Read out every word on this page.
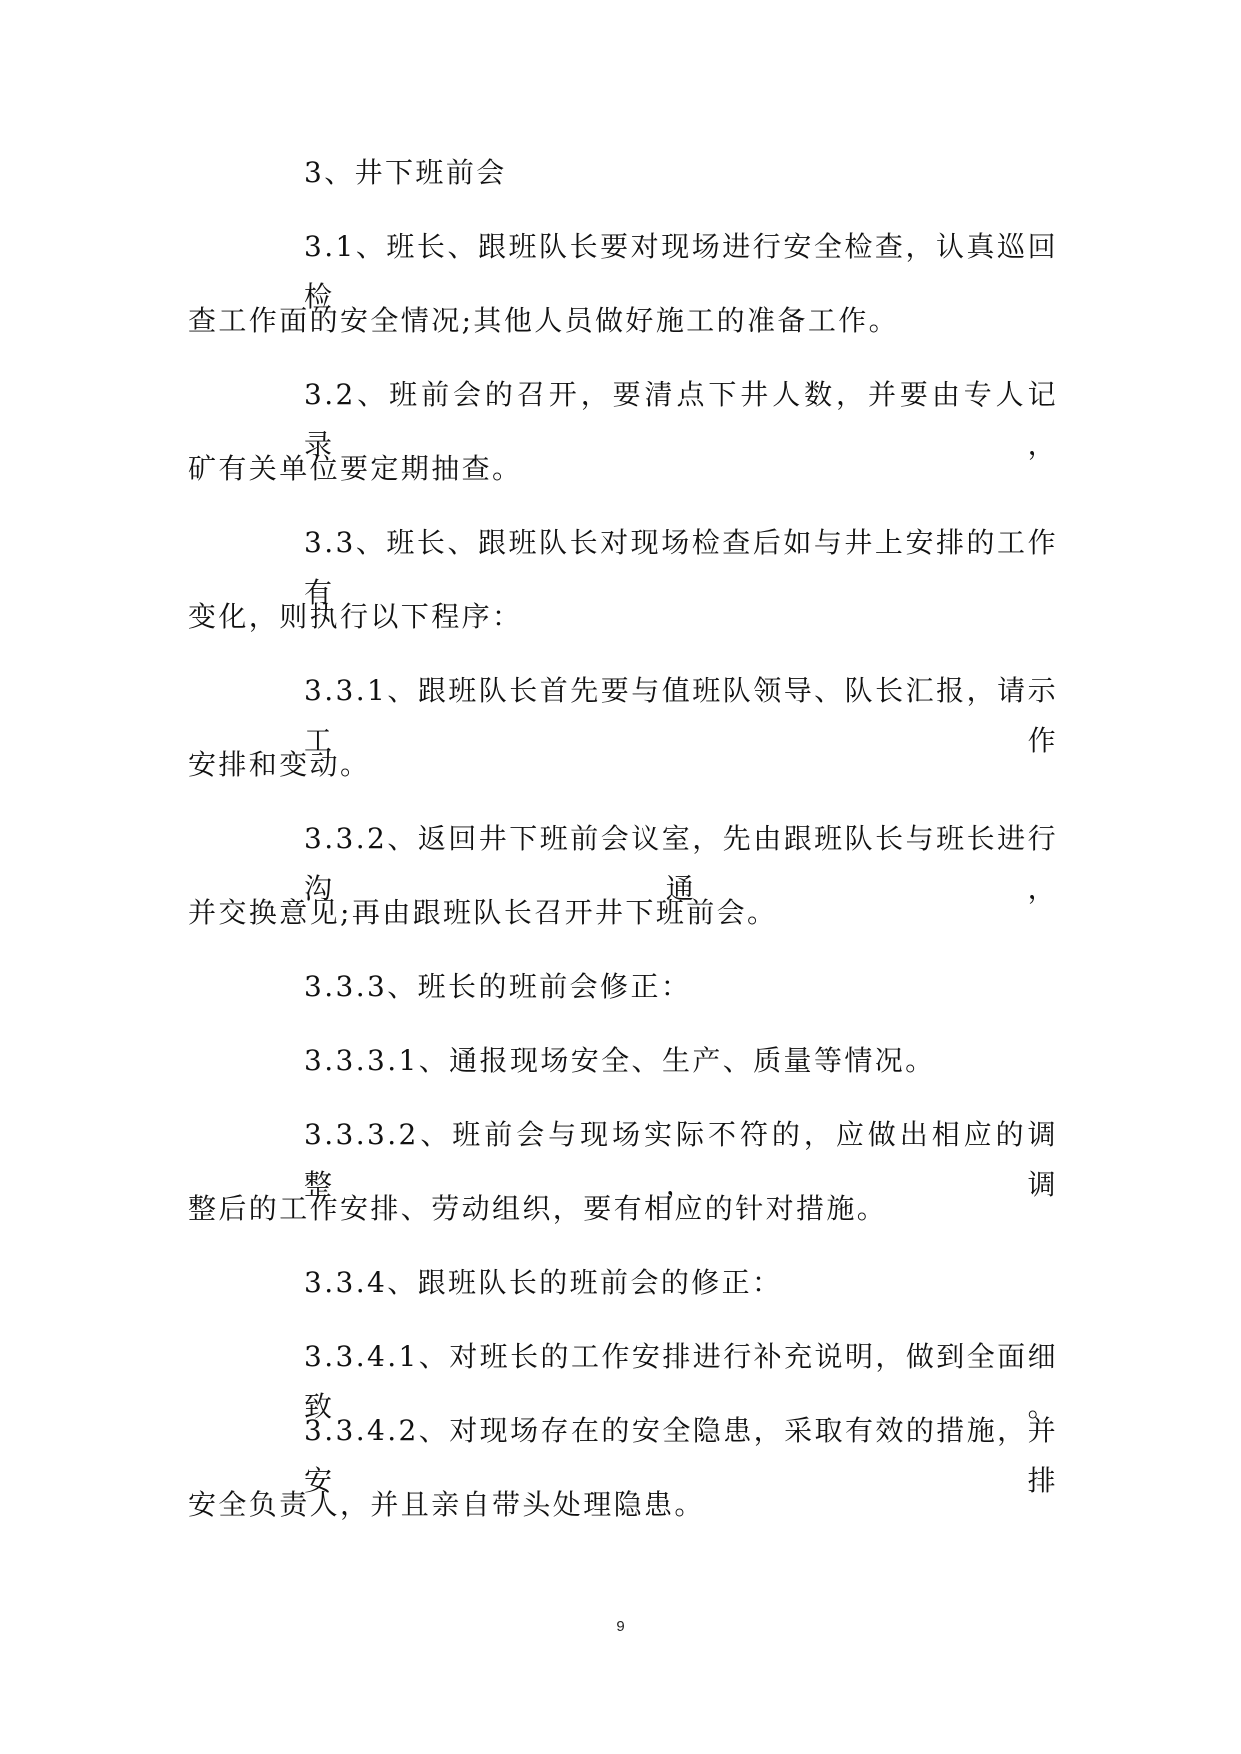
3、井下班前会
3.1、班长、跟班队长要对现场进行安全检查，认真巡回检
查工作面的安全情况;其他人员做好施工的准备工作。
3.2、班前会的召开，要清点下井人数，并要由专人记录，
矿有关单位要定期抽查。
3.3、班长、跟班队长对现场检查后如与井上安排的工作有
变化，则执行以下程序：
3.3.1、跟班队长首先要与值班队领导、队长汇报，请示工作
安排和变动。
3.3.2、返回井下班前会议室，先由跟班队长与班长进行沟通，
并交换意见;再由跟班队长召开井下班前会。
3.3.3、班长的班前会修正：
3.3.3.1、通报现场安全、生产、质量等情况。
3.3.3.2、班前会与现场实际不符的，应做出相应的调整，调
整后的工作安排、劳动组织，要有相应的针对措施。
3.3.4、跟班队长的班前会的修正：
3.3.4.1、对班长的工作安排进行补充说明，做到全面细致。
3.3.4.2、对现场存在的安全隐患，采取有效的措施，并安排
安全负责人，并且亲自带头处理隐患。
9
